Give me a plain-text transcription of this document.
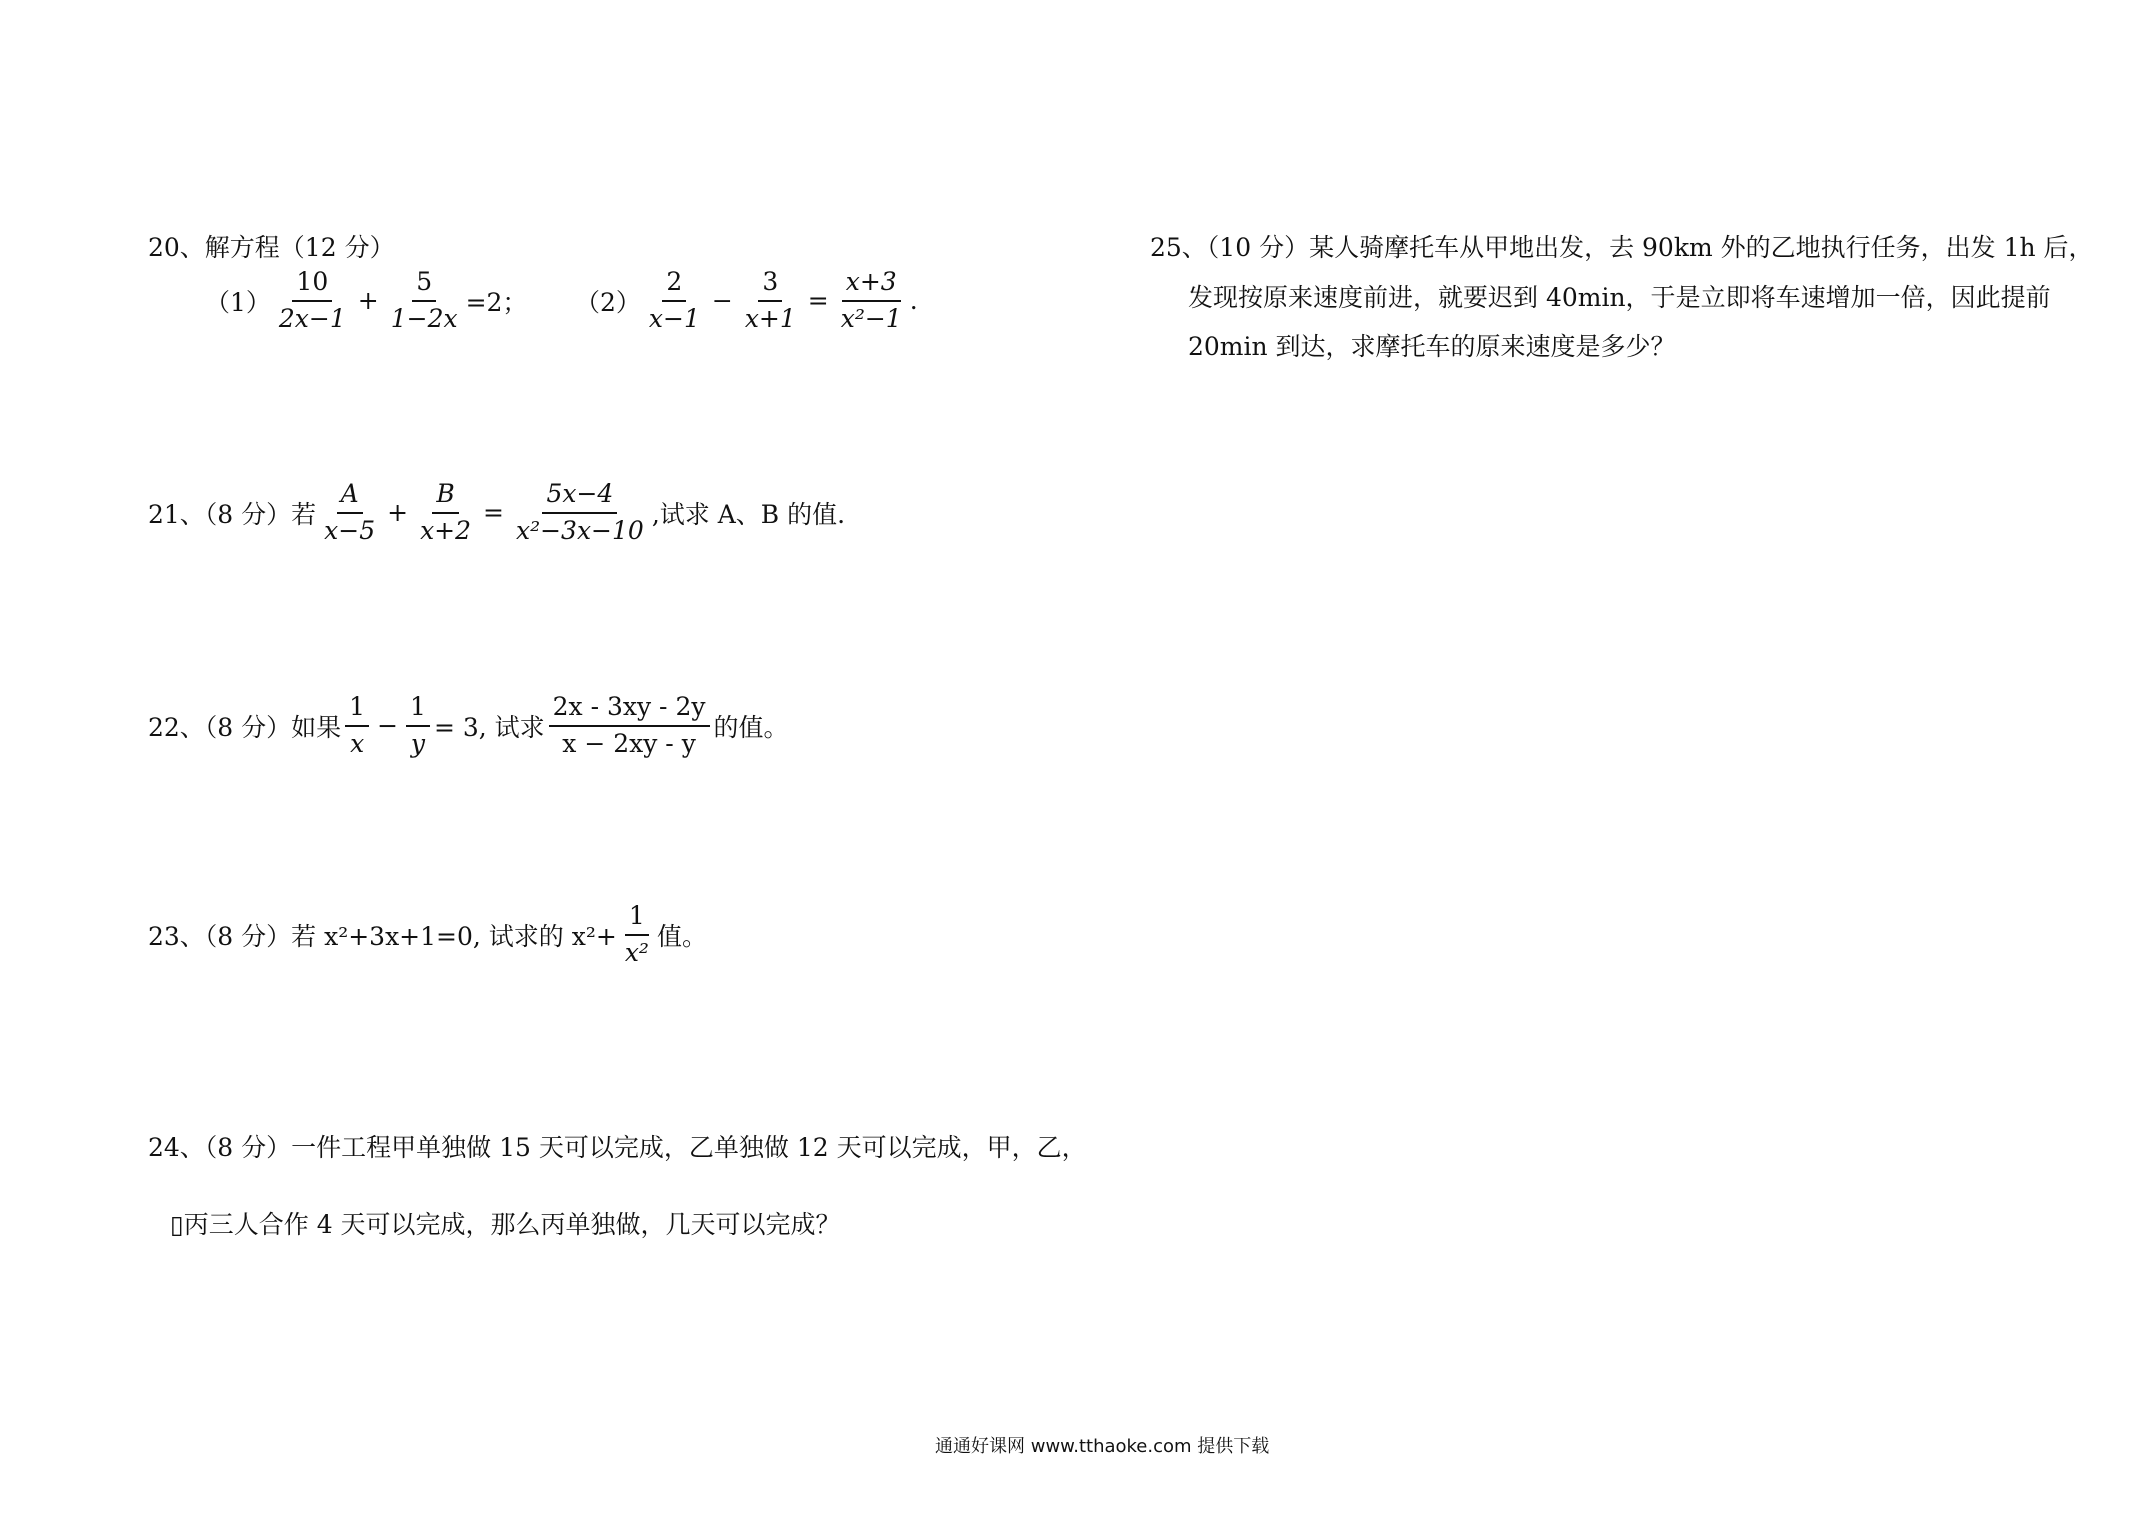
20、解方程（12 分）
$(1) \frac{10}{2x-1} + \frac{5}{1-2x} =2$； $(2) \frac{2}{x-1} - \frac{3}{x+1} = \frac{x+3}{\text{x²−1}}$ .
21、（8 分）若 $\frac{A}{x-5} + \frac{B}{x+2} = \frac{5x-4}{\text{x²−3x−10}}$ ,试求 A、B 的值.
22、（8 分）如果 $\frac{1}{x} - \frac{1}{y} = 3$, 试求 $\frac{2x - 3xy - 2y}{x - 2xy - y}$ 的值。
23、（8 分）若 x²+3x+1=0, 试求的 $x^2+ \frac{1}{\text{x²}}$ 值。
24、（8 分）一件工程甲单独做 15 天可以完成，乙单独做 12 天可以完成，甲，乙，
▯丙三人合作 4 天可以完成，那么丙单独做，几天可以完成？
25、（10 分）某人骑摩托车从甲地出发，去 90km 外的乙地执行任务，出发 1h 后，
发现按原来速度前进，就要迟到 40min，于是立即将车速增加一倍，因此提前
20min 到达，求摩托车的原来速度是多少？
通通好课网 www.tthaoke.com 提供下载
